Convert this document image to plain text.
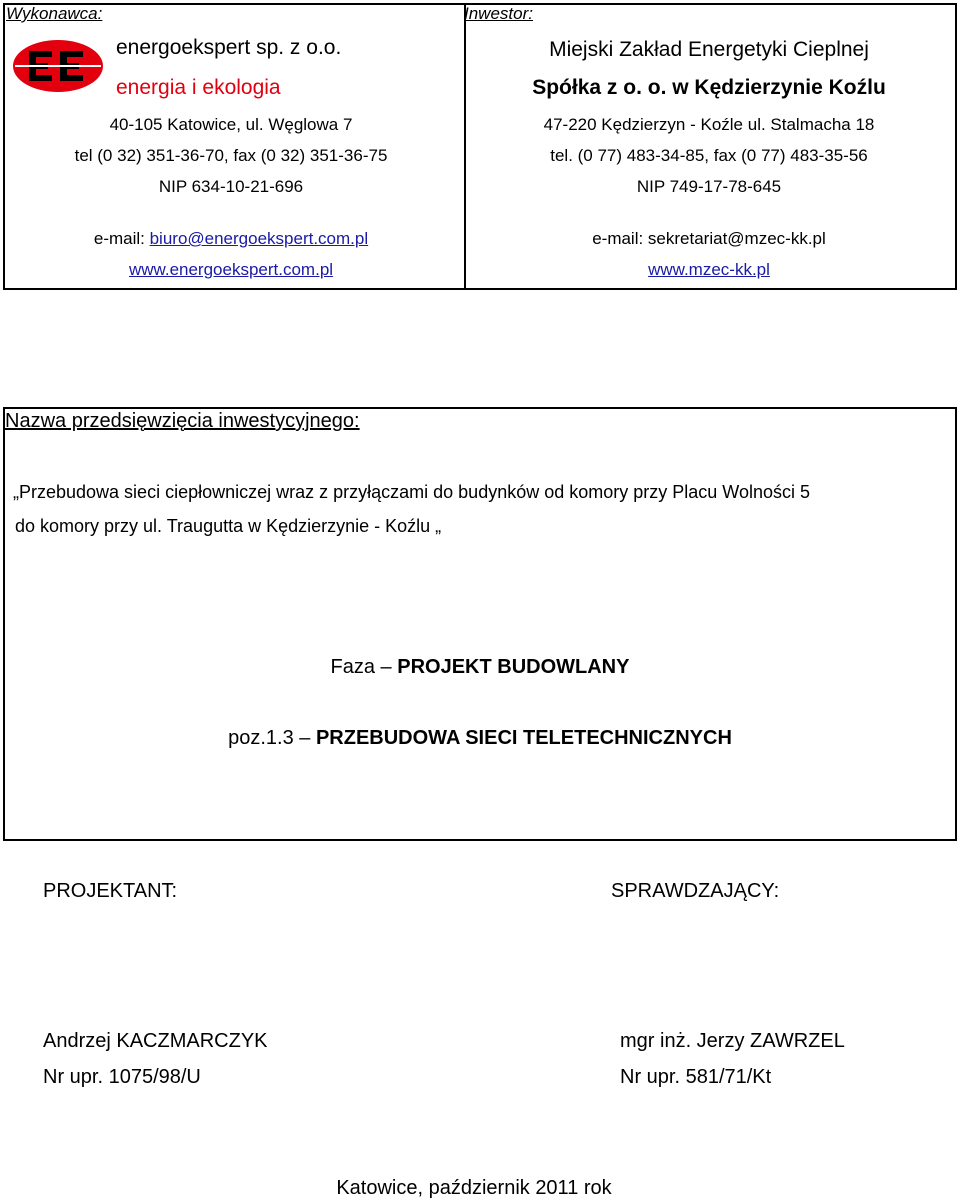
Wykonawca:
energoekspert sp. z o.o.
energia i ekologia
40-105 Katowice, ul. Węglowa 7
tel (0 32) 351-36-70, fax (0 32) 351-36-75
NIP 634-10-21-696
e-mail: biuro@energoekspert.com.pl
www.energoekspert.com.pl
Inwestor:
Miejski Zakład Energetyki Cieplnej
Spółka z o. o. w Kędzierzynie Koźlu
47-220 Kędzierzyn - Koźle ul. Stalmacha 18
tel. (0 77) 483-34-85, fax (0 77) 483-35-56
NIP 749-17-78-645
e-mail: sekretariat@mzec-kk.pl
www.mzec-kk.pl
Nazwa przedsięwzięcia inwestycyjnego:
„Przebudowa sieci ciepłowniczej wraz z przyłączami do budynków od komory przy Placu Wolności 5
do komory przy ul. Traugutta w Kędzierzynie - Koźlu „
Faza – PROJEKT BUDOWLANY
poz.1.3 – PRZEBUDOWA SIECI TELETECHNICZNYCH
PROJEKTANT:	SPRAWDZAJĄCY:
Andrzej KACZMARCZYK
Nr upr. 1075/98/U
mgr inż. Jerzy ZAWRZEL
Nr upr. 581/71/Kt
Katowice, październik 2011 rok
